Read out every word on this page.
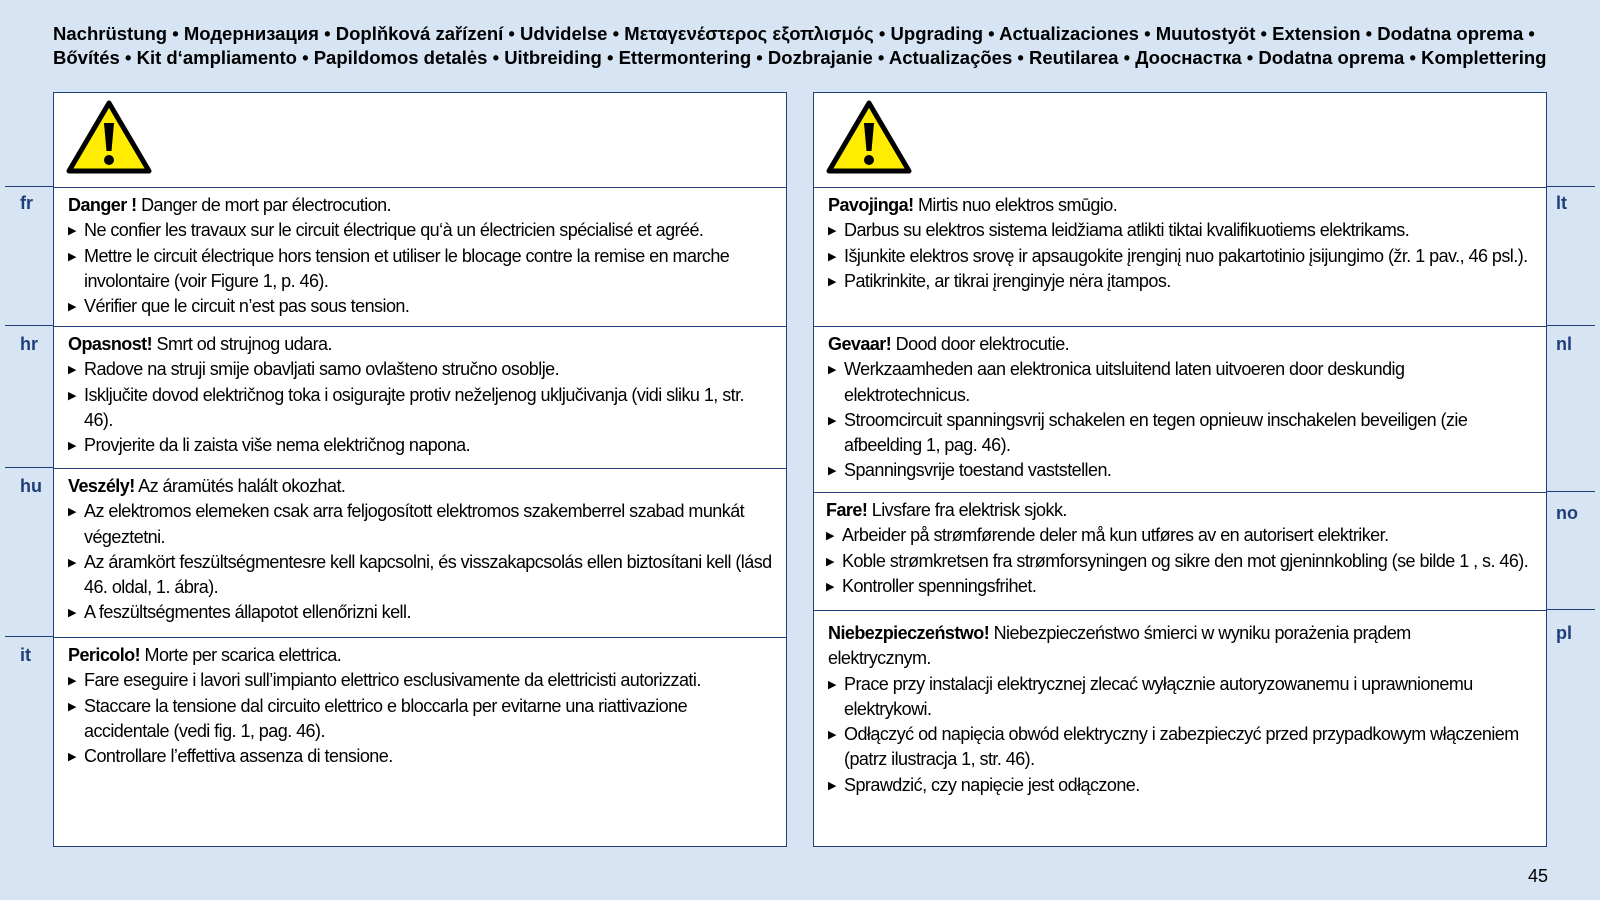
Nachrüstung • Модернизация • Doplňková zařízení • Udvidelse • Μεταγενέστερος εξοπλισμός • Upgrading • Actualizaciones • Muutostyöt • Extension • Dodatna oprema • Bővítés • Kit d‘ampliamento • Papildomos detalės • Uitbreiding • Ettermontering • Dozbrajanie • Actualizações • Reutilarea • Дооснастка • Dodatna oprema • Komplettering
Danger ! Danger de mort par électrocution.
▶ Ne confier les travaux sur le circuit électrique qu‘à un électricien spécialisé et agréé.
▶ Mettre le circuit électrique hors tension et utiliser le blocage contre la remise en marche involontaire (voir Figure 1, p. 46).
▶ Vérifier que le circuit n’est pas sous tension.
Opasnost! Smrt od strujnog udara.
▶ Radove na struji smije obavljati samo ovlašteno stručno osoblje.
▶ Isključite dovod električnog toka i osigurajte protiv neželjenog uključivanja (vidi sliku 1, str. 46).
▶ Provjerite da li zaista više nema električnog napona.
Veszély! Az áramütés halált okozhat.
▶ Az elektromos elemeken csak arra feljogosított elektromos szakemberrel szabad munkát végeztetni.
▶ Az áramkört feszültségmentesre kell kapcsolni, és visszakapcsolás ellen biztosítani kell (lásd 46. oldal, 1. ábra).
▶ A feszültségmentes állapotot ellenőrizni kell.
Pericolo! Morte per scarica elettrica.
▶ Fare eseguire i lavori sull’impianto elettrico esclusivamente da elettricisti autorizzati.
▶ Staccare la tensione dal circuito elettrico e bloccarla per evitarne una riattivazione accidentale (vedi fig. 1, pag. 46).
▶ Controllare l’effettiva assenza di tensione.
Pavojinga! Mirtis nuo elektros smūgio.
▶ Darbus su elektros sistema leidžiama atlikti tiktai kvalifikuotiems elektrikams.
▶ Išjunkite elektros srovę ir apsaugokite įrenginį nuo pakartotinio įsijungimo (žr. 1 pav., 46 psl.).
▶ Patikrinkite, ar tikrai įrenginyje nėra įtampos.
Gevaar! Dood door elektrocutie.
▶ Werkzaamheden aan elektronica uitsluitend laten uitvoeren door deskundig elektrotechnicus.
▶ Stroomcircuit spanningsvrij schakelen en tegen opnieuw inschakelen beveiligen (zie afbeelding 1, pag. 46).
▶ Spanningsvrije toestand vaststellen.
Fare! Livsfare fra elektrisk sjokk.
▶ Arbeider på strømførende deler må kun utføres av en autorisert elektriker.
▶ Koble strømkretsen fra strømforsyningen og sikre den mot gjeninnkobling (se bilde 1 , s. 46).
▶ Kontroller spenningsfrihet.
Niebezpieczeństwo! Niebezpieczeństwo śmierci w wyniku porażenia prądem elektrycznym.
▶ Prace przy instalacji elektrycznej zlecać wyłącznie autoryzowanemu i uprawnionemu elektrykowi.
▶ Odłączyć od napięcia obwód elektryczny i zabezpieczyć przed przypadkowym włączeniem (patrz ilustracja 1, str. 46).
▶ Sprawdzić, czy napięcie jest odłączone.
fr
hr
hu
it
lt
nl
no
pl
45
